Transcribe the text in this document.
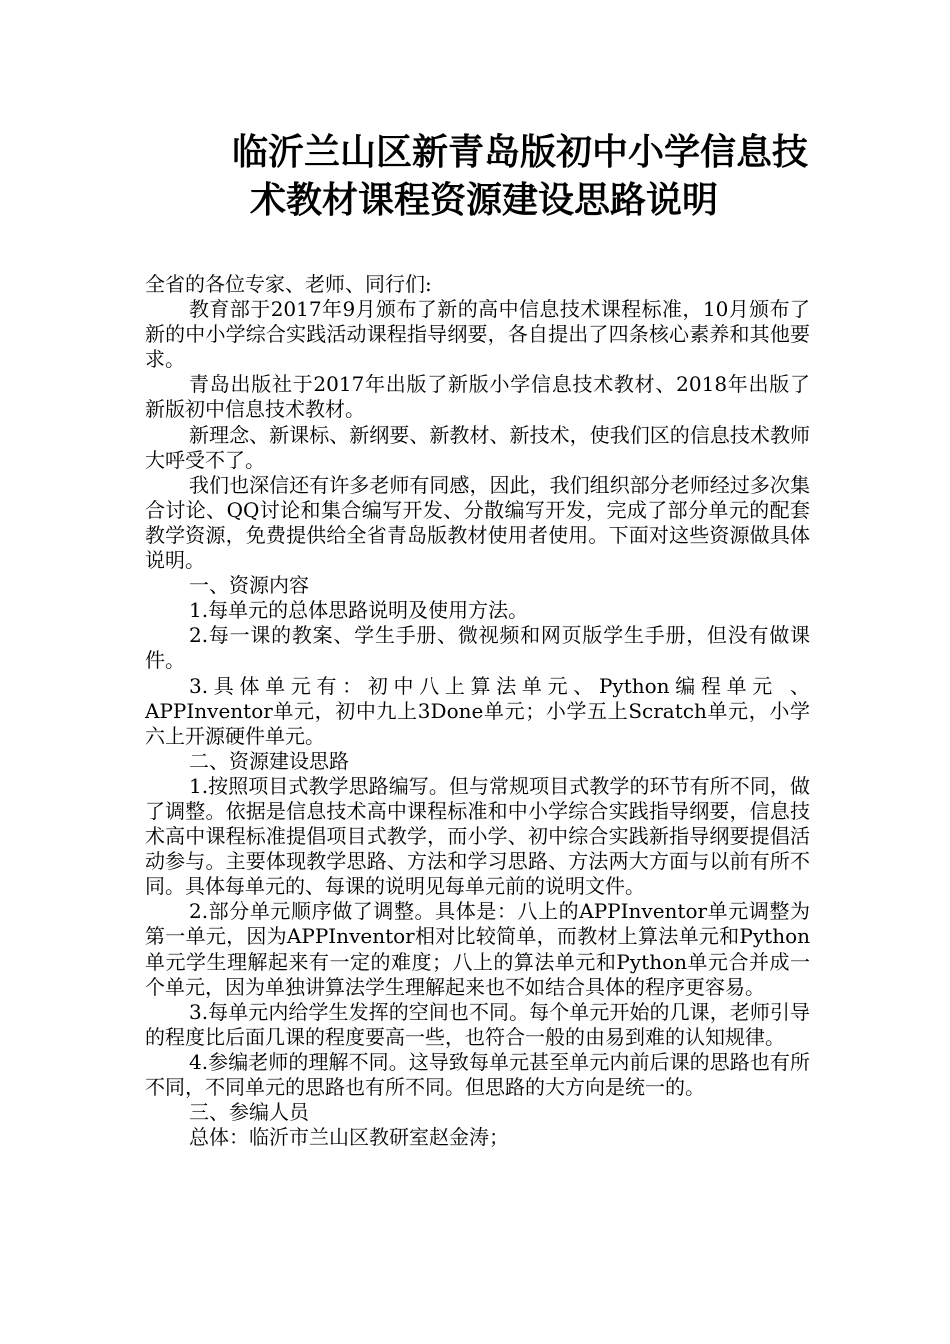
临沂兰山区新青岛版初中小学信息技
术教材课程资源建设思路说明

全省的各位专家、老师、同行们:

教育部于2017年9月颁布了新的高中信息技术课程标准，10月颁布了新的中小学综合实践活动课程指导纲要，各自提出了四条核心素养和其他要求。

青岛出版社于2017年出版了新版小学信息技术教材、2018年出版了新版初中信息技术教材。

新理念、新课标、新纲要、新教材、新技术，使我们区的信息技术教师大呼受不了。

我们也深信还有许多老师有同感，因此，我们组织部分老师经过多次集合讨论、QQ讨论和集合编写开发、分散编写开发，完成了部分单元的配套教学资源，免费提供给全省青岛版教材使用者使用。下面对这些资源做具体说明。

一、资源内容

1.每单元的总体思路说明及使用方法。

2.每一课的教案、学生手册、微视频和网页版学生手册，但没有做课件。

3.具体单元有：初中八上算法单元、Python编程单元 、APPInventor单元，初中九上3Done单元；小学五上Scratch单元，小学六上开源硬件单元。

二、资源建设思路

1.按照项目式教学思路编写。但与常规项目式教学的环节有所不同，做了调整。依据是信息技术高中课程标准和中小学综合实践指导纲要，信息技术高中课程标准提倡项目式教学，而小学、初中综合实践新指导纲要提倡活动参与。主要体现教学思路、方法和学习思路、方法两大方面与以前有所不同。具体每单元的、每课的说明见每单元前的说明文件。

2.部分单元顺序做了调整。具体是：八上的APPInventor单元调整为第一单元，因为APPInventor相对比较简单，而教材上算法单元和Python单元学生理解起来有一定的难度；八上的算法单元和Python单元合并成一个单元，因为单独讲算法学生理解起来也不如结合具体的程序更容易。

3.每单元内给学生发挥的空间也不同。每个单元开始的几课，老师引导的程度比后面几课的程度要高一些，也符合一般的由易到难的认知规律。

4.参编老师的理解不同。这导致每单元甚至单元内前后课的思路也有所不同，不同单元的思路也有所不同。但思路的大方向是统一的。

三、参编人员

总体：临沂市兰山区教研室赵金涛；
